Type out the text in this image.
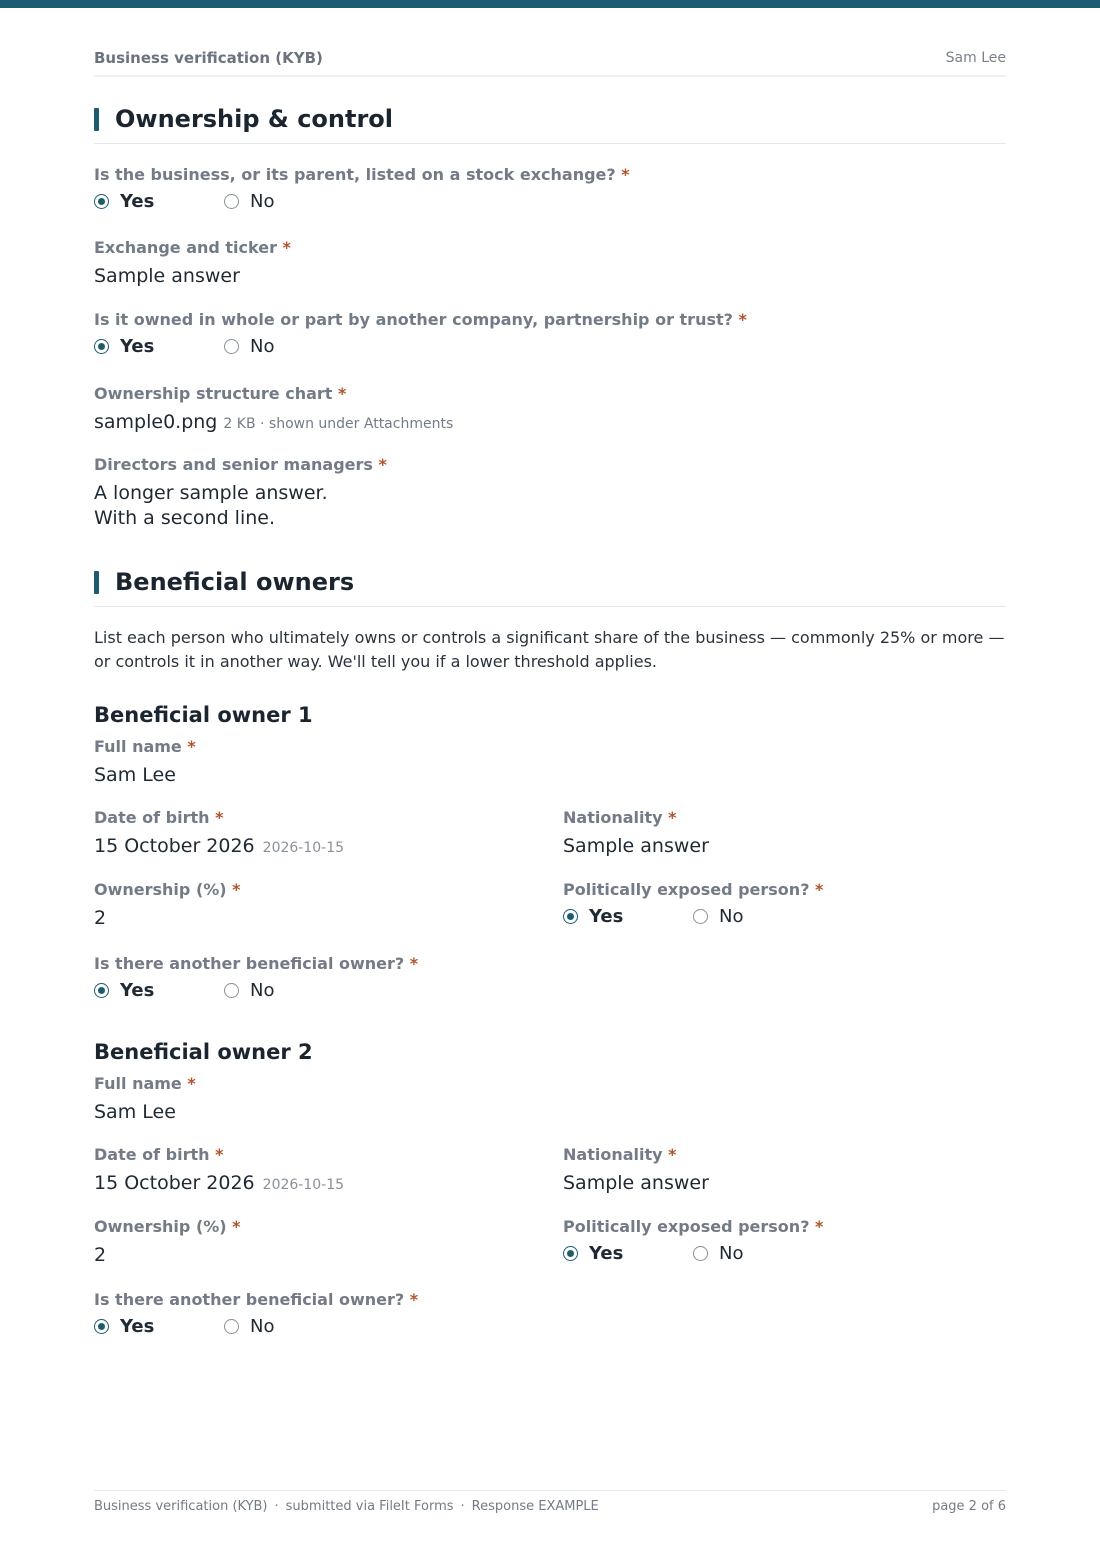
Business verification (KYB)	Sam Lee
Ownership & control
Is the business, or its parent, listed on a stock exchange? *
Yes	No
Exchange and ticker *
Sample answer
Is it owned in whole or part by another company, partnership or trust? *
Yes	No
Ownership structure chart *
sample0.png 2 KB · shown under Attachments
Directors and senior managers *
A longer sample answer.
With a second line.
Beneficial owners
List each person who ultimately owns or controls a significant share of the business — commonly 25% or more — or controls it in another way. We'll tell you if a lower threshold applies.
Beneficial owner 1
Full name *
Sam Lee
Date of birth *
15 October 2026 2026-10-15
Nationality *
Sample answer
Ownership (%) *
2
Politically exposed person? *
Yes	No
Is there another beneficial owner? *
Yes	No
Beneficial owner 2
Full name *
Sam Lee
Date of birth *
15 October 2026 2026-10-15
Nationality *
Sample answer
Ownership (%) *
2
Politically exposed person? *
Yes	No
Is there another beneficial owner? *
Yes	No
Business verification (KYB) · submitted via FileIt Forms · Response EXAMPLE	page 2 of 6
